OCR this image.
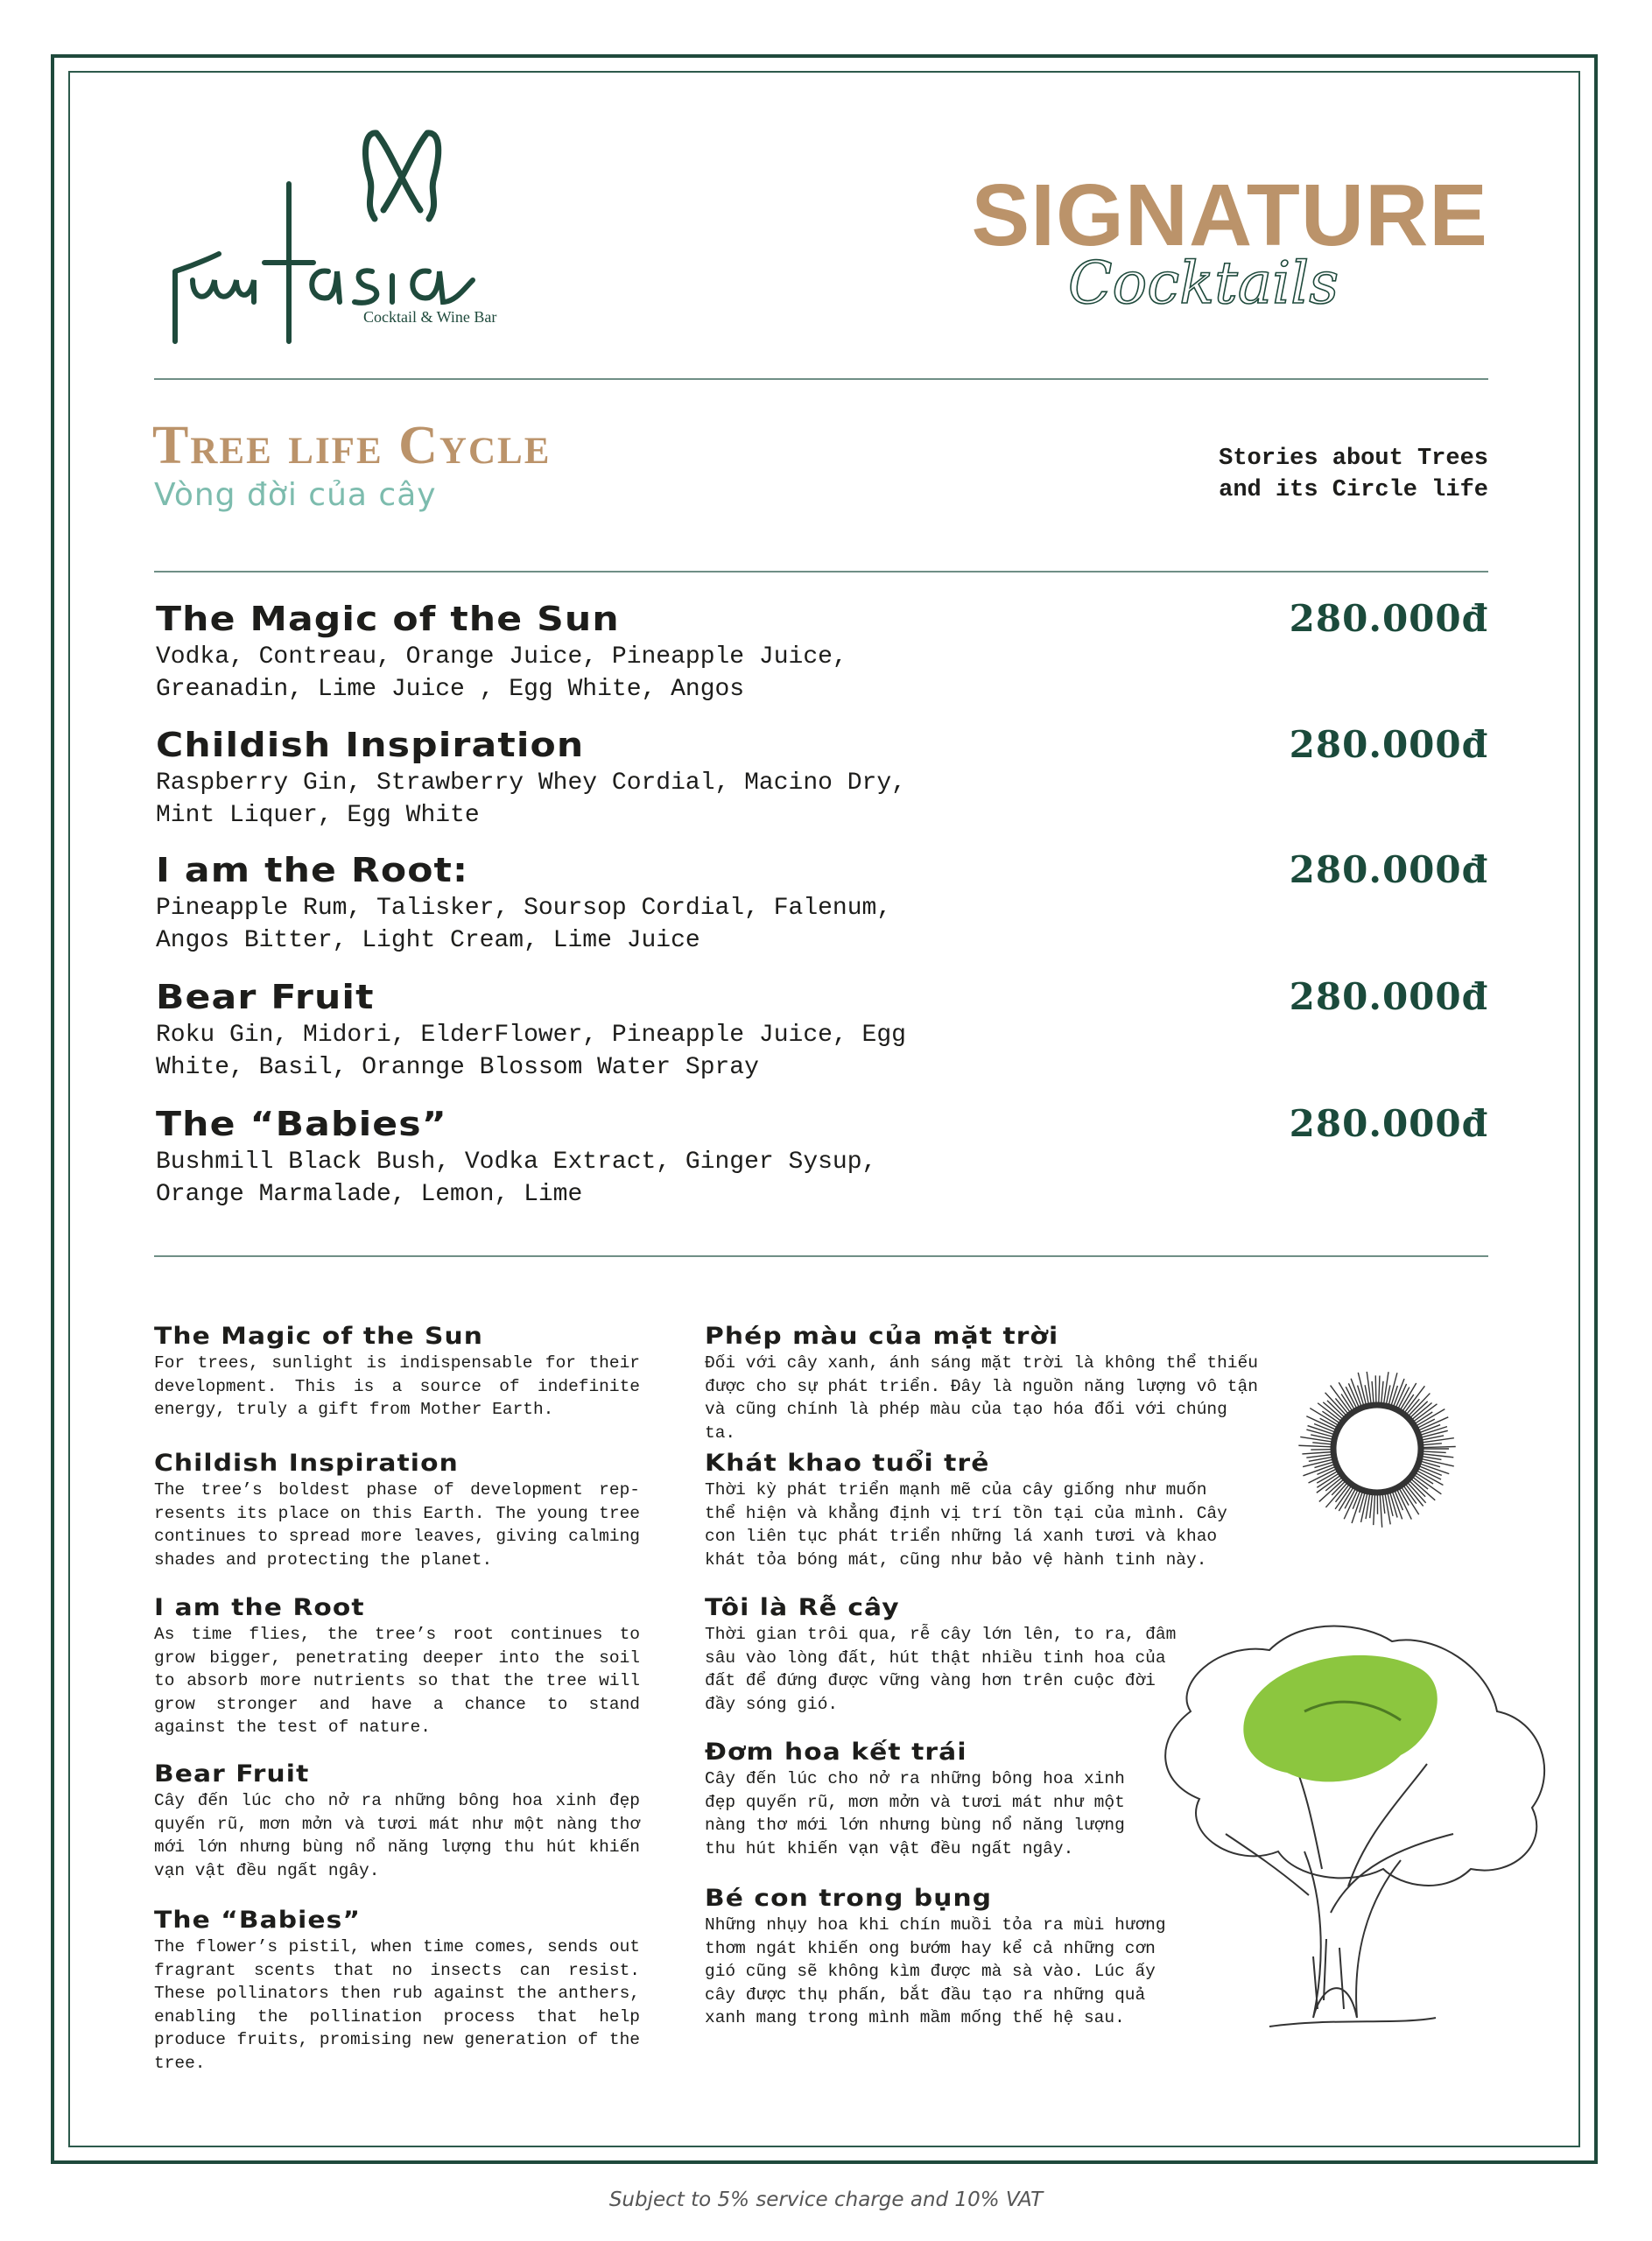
Cocktail & Wine Bar
SIGNATURE
Cocktails
Tree life Cycle
Vòng đời của cây
Stories about Trees
and its Circle life
The Magic of the Sun
Vodka, Contreau, Orange Juice, Pineapple Juice,
Greanadin, Lime Juice , Egg White, Angos
280.000đ
Childish Inspiration
Raspberry Gin, Strawberry Whey Cordial, Macino Dry,
Mint Liquer, Egg White
280.000đ
I am the Root:
Pineapple Rum, Talisker, Soursop Cordial, Falenum,
Angos Bitter, Light Cream, Lime Juice
280.000đ
Bear Fruit
Roku Gin, Midori, ElderFlower, Pineapple Juice, Egg
White, Basil, Orannge Blossom Water Spray
280.000đ
The “Babies”
Bushmill Black Bush, Vodka Extract, Ginger Sysup,
Orange Marmalade, Lemon, Lime
280.000đ
The Magic of the Sun

For trees, sunlight is indispensable for their development. This is a source of indefinite energy, truly a gift from Mother Earth.

Childish Inspiration

The tree’s boldest phase of development rep-resents its place on this Earth. The young tree continues to spread more leaves, giving calming shades and protecting the planet.

I am the Root

As time flies, the tree’s root continues to grow bigger, penetrating deeper into the soil to absorb more nutrients so that the tree will grow stronger and have a chance to stand against the test of nature.

Bear Fruit

Cây đến lúc cho nở ra những bông hoa xinh đẹp quyến rũ, mơn mởn và tươi mát như một nàng thơ mới lớn nhưng bùng nổ năng lượng thu hút khiến vạn vật đều ngất ngây.

The “Babies”

The flower’s pistil, when time comes, sends out fragrant scents that no insects can resist. These pollinators then rub against the anthers, enabling the pollination process that help produce fruits, promising new generation of the tree.

Phép màu của mặt trời

Đối với cây xanh, ánh sáng mặt trời là không thể thiếu được cho sự phát triển. Đây là nguồn năng lượng vô tận và cũng chính là phép màu của tạo hóa đối với chúng ta.

Khát khao tuổi trẻ

Thời kỳ phát triển mạnh mẽ của cây giống như muốn thể hiện và khẳng định vị trí tồn tại của mình. Cây con liên tục phát triển những lá xanh tươi và khao khát tỏa bóng mát, cũng như bảo vệ hành tinh này.

Tôi là Rễ cây

Thời gian trôi qua, rễ cây lớn lên, to ra, đâm sâu vào lòng đất, hút thật nhiều tinh hoa của đất để đứng được vững vàng hơn trên cuộc đời đầy sóng gió.

Đơm hoa kết trái

Cây đến lúc cho nở ra những bông hoa xinh đẹp quyến rũ, mơn mởn và tươi mát như một nàng thơ mới lớn nhưng bùng nổ năng lượng thu hút khiến vạn vật đều ngất ngây.

Bé con trong bụng

Những nhụy hoa khi chín muồi tỏa ra mùi hương thơm ngát khiến ong bướm hay kể cả những cơn gió cũng sẽ không kìm được mà sà vào. Lúc ấy cây được thụ phấn, bắt đầu tạo ra những quả xanh mang trong mình mầm mống thế hệ sau.

Subject to 5% service charge and 10% VAT
